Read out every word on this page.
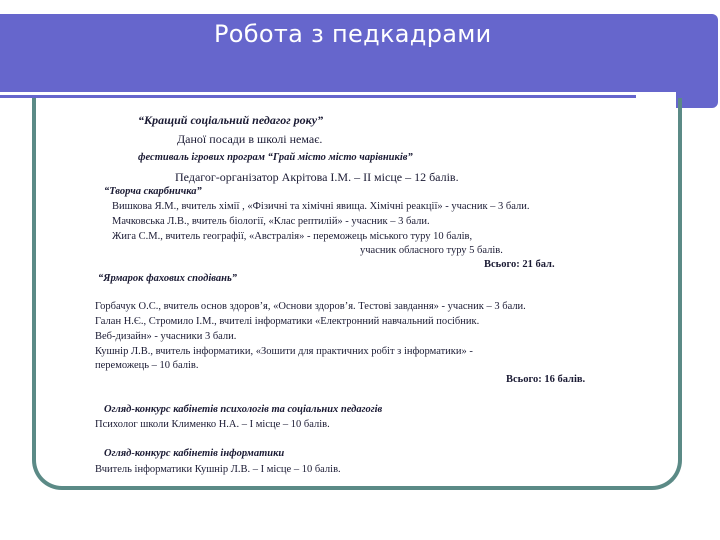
Робота з педкадрами
“Кращий соціальний педагог року”
Даної посади в школі немає.
фестиваль ігрових програм “Грай місто місто чарівників”
Педагог-організатор Акрітова І.М. – ІІ місце – 12 балів.
“Творча скарбничка”
Вишкова Я.М., вчитель хімії , «Фізичні та хімічні явища. Хімічні реакції» - учасник – 3 бали.
Мачковська Л.В., вчитель біології, «Клас рептилій» - учасник – 3 бали.
Жига С.М., вчитель географії, «Австралія» - переможець міського туру 10 балів,
учасник обласного туру 5 балів.
Всього: 21 бал.
“Ярмарок фахових сподівань”
Горбачук О.С., вчитель основ здоров’я, «Основи здоров’я. Тестові завдання» - учасник – 3 бали.
Галан Н.Є., Стромило І.М., вчителі інформатики «Електронний навчальний посібник.
Веб-дизайн» - учасники 3 бали.
Кушнір Л.В., вчитель інформатики, «Зошити для практичних робіт з інформатики» -
переможець – 10 балів.
Всього: 16 балів.
Огляд-конкурс кабінетів психологів та соціальних педагогів
Психолог школи Клименко Н.А. – І місце – 10 балів.
Огляд-конкурс кабінетів інформатики
Вчитель інформатики Кушнір Л.В. – І місце – 10 балів.
